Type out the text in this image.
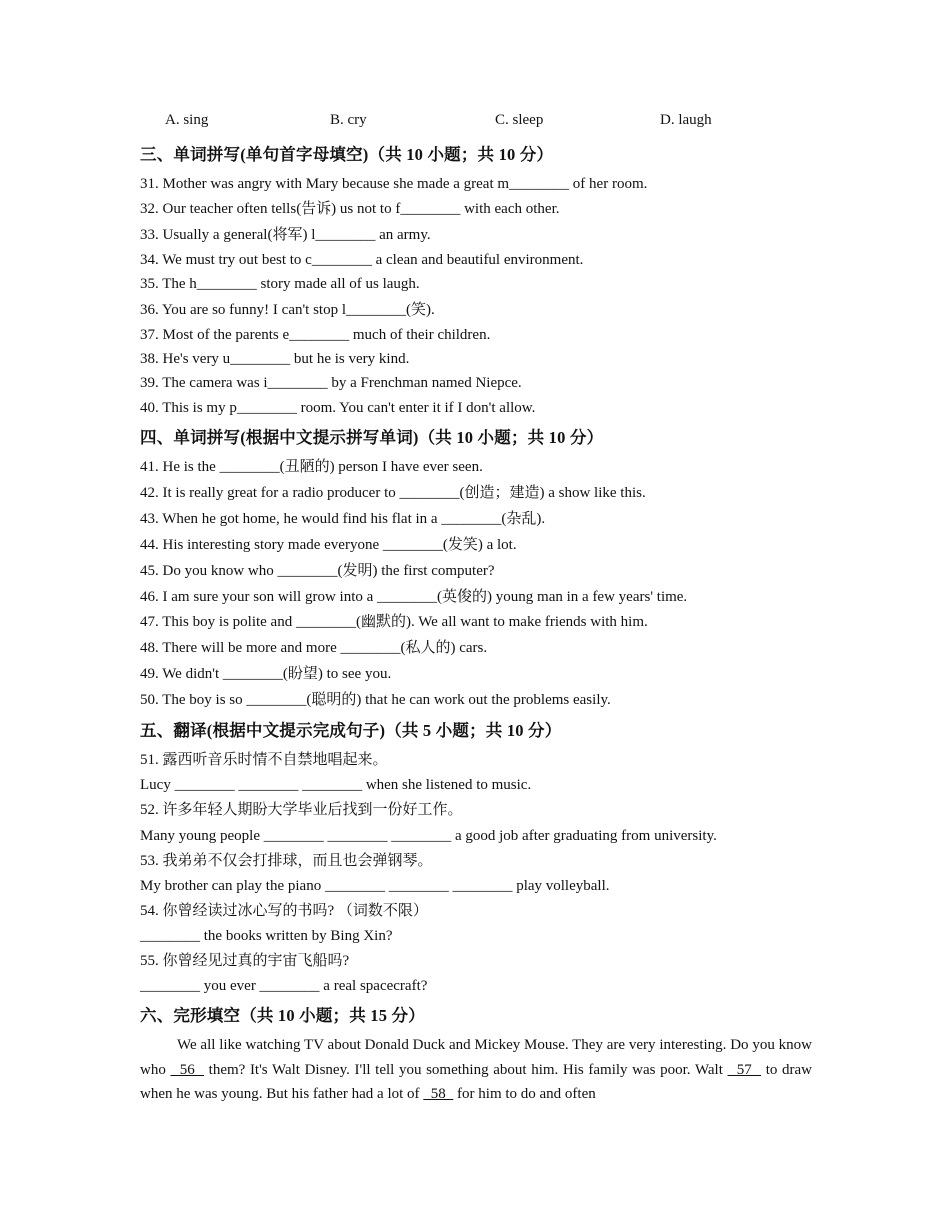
A. sing	B. cry	C. sleep	D. laugh
三、单词拼写(单句首字母填空)（共 10 小题；共 10 分）
31. Mother was angry with Mary because she made a great m________ of her room.
32. Our teacher often tells(告诉) us not to f________ with each other.
33. Usually a general(将军) l________ an army.
34. We must try out best to c________ a clean and beautiful environment.
35. The h________ story made all of us laugh.
36. You are so funny! I can't stop l________(笑).
37. Most of the parents e________ much of their children.
38. He's very u________ but he is very kind.
39. The camera was i________ by a Frenchman named Niepce.
40. This is my p________ room. You can't enter it if I don't allow.
四、单词拼写(根据中文提示拼写单词)（共 10 小题；共 10 分）
41. He is the ________(丑陋的) person I have ever seen.
42. It is really great for a radio producer to ________(创造；建造) a show like this.
43. When he got home, he would find his flat in a ________(杂乱).
44. His interesting story made everyone ________(发笑) a lot.
45. Do you know who ________(发明) the first computer?
46. I am sure your son will grow into a ________(英俊的) young man in a few years' time.
47. This boy is polite and ________(幽默的). We all want to make friends with him.
48. There will be more and more ________(私人的) cars.
49. We didn't ________(盼望) to see you.
50. The boy is so ________(聪明的) that he can work out the problems easily.
五、翻译(根据中文提示完成句子)（共 5 小题；共 10 分）
51. 露西听音乐时情不自禁地唱起来。
Lucy ________ ________ ________ when she listened to music.
52. 许多年轻人期盼大学毕业后找到一份好工作。
Many young people ________ ________ ________ a good job after graduating from university.
53. 我弟弟不仅会打排球，而且也会弹钢琴。
My brother can play the piano ________ ________ ________ play volleyball.
54. 你曾经读过冰心写的书吗? （词数不限）
________ the books written by Bing Xin?
55. 你曾经见过真的宇宙飞船吗?
________ you ever ________ a real spacecraft?
六、完形填空（共 10 小题；共 15 分）
We all like watching TV about Donald Duck and Mickey Mouse. They are very interesting. Do you know who   56   them? It's Walt Disney. I'll tell you something about him. His family was poor. Walt   57   to draw when he was young. But his father had a lot of   58   for him to do and often
